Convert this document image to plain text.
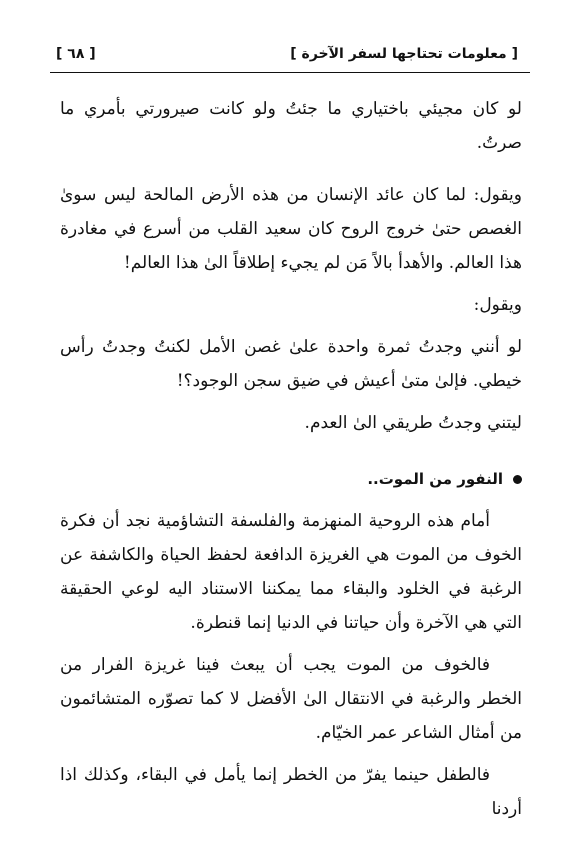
[ معلومات تحتاجها لسفر الآخرة ]
[ ٦٨ ]

لو كان مجيئي باختياري ما جئتُ ولو كانت صيرورتي بأمري ما صرتُ.

ويقول: لما كان عائد الإنسان من هذه الأرض المالحة ليس سوىٰ الغصص حتىٰ خروج الروح كان سعيد القلب من أسرع في مغادرة هذا العالم. والأهدأ بالاً مَن لم يجيء إطلاقاً الىٰ هذا العالم!

ويقول:

لو أنني وجدتُ ثمرة واحدة علىٰ غصن الأمل لكنتُ وجدتُ رأس خيطي. فإلىٰ متىٰ أعيش في ضيق سجن الوجود؟!

ليتني وجدتُ طريقي الىٰ العدم.

النفور من الموت..

أمام هذه الروحية المنهزمة والفلسفة التشاؤمية نجد أن فكرة الخوف من الموت هي الغريزة الدافعة لحفظ الحياة والكاشفة عن الرغبة في الخلود والبقاء مما يمكننا الاستناد اليه لوعي الحقيقة التي هي الآخرة وأن حياتنا في الدنيا إنما قنطرة.

فالخوف من الموت يجب أن يبعث فينا غريزة الفرار من الخطر والرغبة في الانتقال الىٰ الأفضل لا كما تصوّره المتشائمون من أمثال الشاعر عمر الخيّام.

فالطفل حينما يفرّ من الخطر إنما يأمل في البقاء، وكذلك اذا أردنا
